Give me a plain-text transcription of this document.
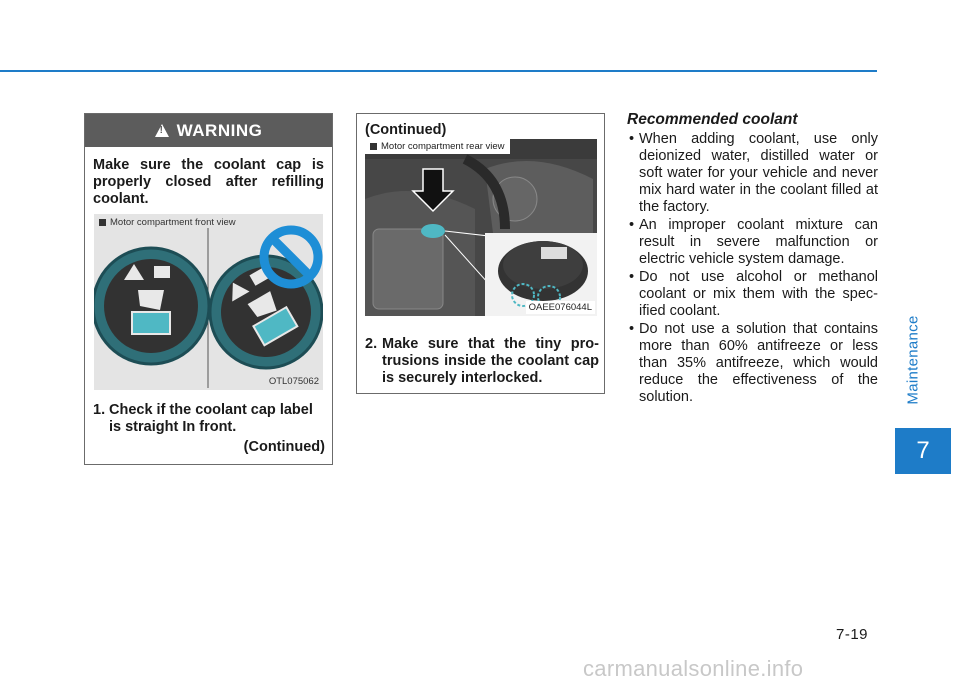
Maintenance
7
7-19
!
WARNING
Make sure the coolant cap is properly closed after refilling coolant.
Motor compartment front view
OTL075062
1. Check if the coolant cap label is straight In front.
(Continued)
(Continued)
Motor compartment rear view
OAEE076044L
2. Make sure that the tiny pro-trusions inside the coolant cap is securely interlocked.
Recommended coolant
• When adding coolant, use only deionized water, distilled water or soft water for your vehicle and never mix hard water in the coolant filled at the factory.
• An improper coolant mixture can result in severe malfunction or electric vehicle system damage.
• Do not use alcohol or methanol coolant or mix them with the spec-ified coolant.
• Do not use a solution that contains more than 60% antifreeze or less than 35% antifreeze, which would reduce the effectiveness of the solution.
carmanualsonline.info
